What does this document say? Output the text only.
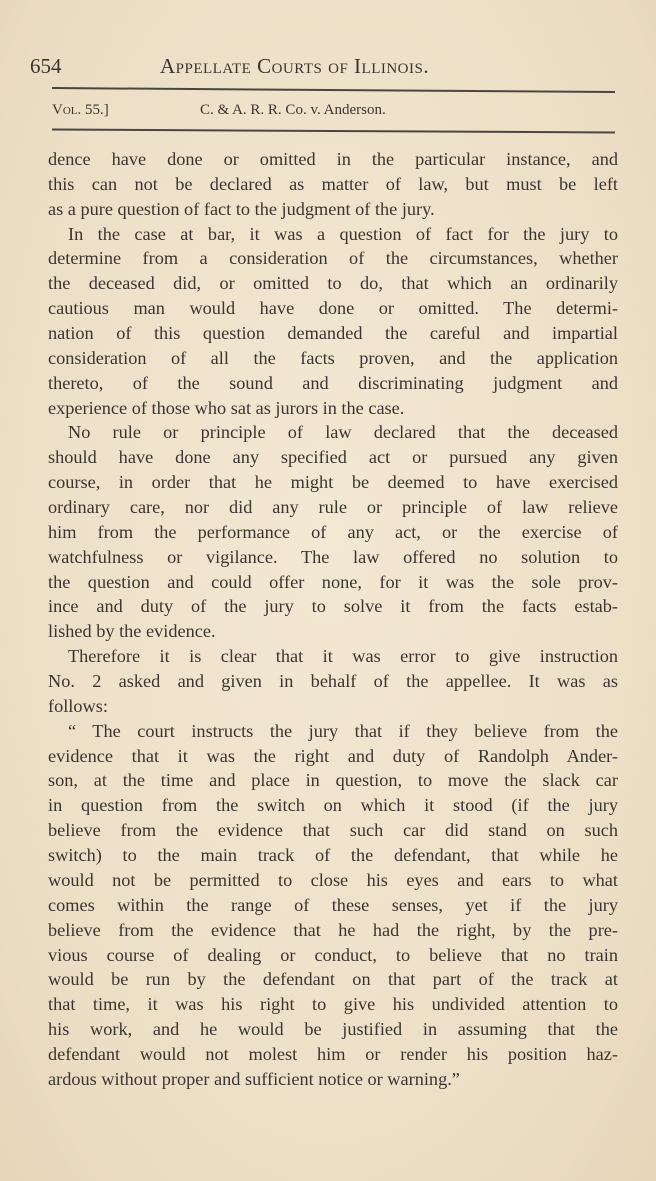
654	Appellate Courts of Illinois.
Vol. 55.]	C. & A. R. R. Co. v. Anderson.
dence have done or omitted in the particular instance, and
this can not be declared as matter of law, but must be left
as a pure question of fact to the judgment of the jury.
In the case at bar, it was a question of fact for the jury to
determine from a consideration of the circumstances, whether
the deceased did, or omitted to do, that which an ordinarily
cautious man would have done or omitted. The determi-
nation of this question demanded the careful and impartial
consideration of all the facts proven, and the application
thereto, of the sound and discriminating judgment and
experience of those who sat as jurors in the case.
No rule or principle of law declared that the deceased
should have done any specified act or pursued any given
course, in order that he might be deemed to have exercised
ordinary care, nor did any rule or principle of law relieve
him from the performance of any act, or the exercise of
watchfulness or vigilance. The law offered no solution to
the question and could offer none, for it was the sole prov-
ince and duty of the jury to solve it from the facts estab-
lished by the evidence.
Therefore it is clear that it was error to give instruction
No. 2 asked and given in behalf of the appellee. It was as
follows:
“ The court instructs the jury that if they believe from the
evidence that it was the right and duty of Randolph Ander-
son, at the time and place in question, to move the slack car
in question from the switch on which it stood (if the jury
believe from the evidence that such car did stand on such
switch) to the main track of the defendant, that while he
would not be permitted to close his eyes and ears to what
comes within the range of these senses, yet if the jury
believe from the evidence that he had the right, by the pre-
vious course of dealing or conduct, to believe that no train
would be run by the defendant on that part of the track at
that time, it was his right to give his undivided attention to
his work, and he would be justified in assuming that the
defendant would not molest him or render his position haz-
ardous without proper and sufficient notice or warning.”
